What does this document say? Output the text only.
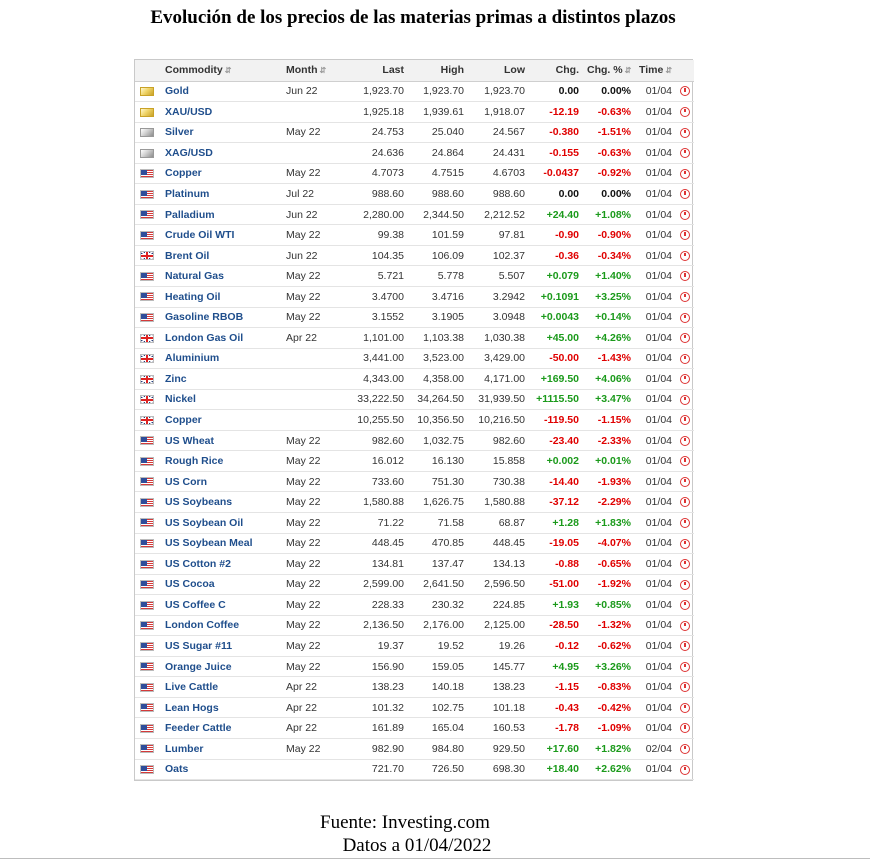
Evolución de los precios de las materias primas a distintos plazos
	Commodity ⇵	Month ⇵	Last	High	Low	Chg.	Chg. % ⇵	Time ⇵	
	Gold	Jun 22	1,923.70	1,923.70	1,923.70	0.00	0.00%	01/04	
	XAU/USD		1,925.18	1,939.61	1,918.07	-12.19	-0.63%	01/04	
	Silver	May 22	24.753	25.040	24.567	-0.380	-1.51%	01/04	
	XAG/USD		24.636	24.864	24.431	-0.155	-0.63%	01/04	
	Copper	May 22	4.7073	4.7515	4.6703	-0.0437	-0.92%	01/04	
	Platinum	Jul 22	988.60	988.60	988.60	0.00	0.00%	01/04	
	Palladium	Jun 22	2,280.00	2,344.50	2,212.52	+24.40	+1.08%	01/04	
	Crude Oil WTI	May 22	99.38	101.59	97.81	-0.90	-0.90%	01/04	
	Brent Oil	Jun 22	104.35	106.09	102.37	-0.36	-0.34%	01/04	
	Natural Gas	May 22	5.721	5.778	5.507	+0.079	+1.40%	01/04	
	Heating Oil	May 22	3.4700	3.4716	3.2942	+0.1091	+3.25%	01/04	
	Gasoline RBOB	May 22	3.1552	3.1905	3.0948	+0.0043	+0.14%	01/04	
	London Gas Oil	Apr 22	1,101.00	1,103.38	1,030.38	+45.00	+4.26%	01/04	
	Aluminium		3,441.00	3,523.00	3,429.00	-50.00	-1.43%	01/04	
	Zinc		4,343.00	4,358.00	4,171.00	+169.50	+4.06%	01/04	
	Nickel		33,222.50	34,264.50	31,939.50	+1115.50	+3.47%	01/04	
	Copper		10,255.50	10,356.50	10,216.50	-119.50	-1.15%	01/04	
	US Wheat	May 22	982.60	1,032.75	982.60	-23.40	-2.33%	01/04	
	Rough Rice	May 22	16.012	16.130	15.858	+0.002	+0.01%	01/04	
	US Corn	May 22	733.60	751.30	730.38	-14.40	-1.93%	01/04	
	US Soybeans	May 22	1,580.88	1,626.75	1,580.88	-37.12	-2.29%	01/04	
	US Soybean Oil	May 22	71.22	71.58	68.87	+1.28	+1.83%	01/04	
	US Soybean Meal	May 22	448.45	470.85	448.45	-19.05	-4.07%	01/04	
	US Cotton #2	May 22	134.81	137.47	134.13	-0.88	-0.65%	01/04	
	US Cocoa	May 22	2,599.00	2,641.50	2,596.50	-51.00	-1.92%	01/04	
	US Coffee C	May 22	228.33	230.32	224.85	+1.93	+0.85%	01/04	
	London Coffee	May 22	2,136.50	2,176.00	2,125.00	-28.50	-1.32%	01/04	
	US Sugar #11	May 22	19.37	19.52	19.26	-0.12	-0.62%	01/04	
	Orange Juice	May 22	156.90	159.05	145.77	+4.95	+3.26%	01/04	
	Live Cattle	Apr 22	138.23	140.18	138.23	-1.15	-0.83%	01/04	
	Lean Hogs	Apr 22	101.32	102.75	101.18	-0.43	-0.42%	01/04	
	Feeder Cattle	Apr 22	161.89	165.04	160.53	-1.78	-1.09%	01/04	
	Lumber	May 22	982.90	984.80	929.50	+17.60	+1.82%	02/04	
	Oats		721.70	726.50	698.30	+18.40	+2.62%	01/04	
Fuente: Investing.com
Datos a 01/04/2022
